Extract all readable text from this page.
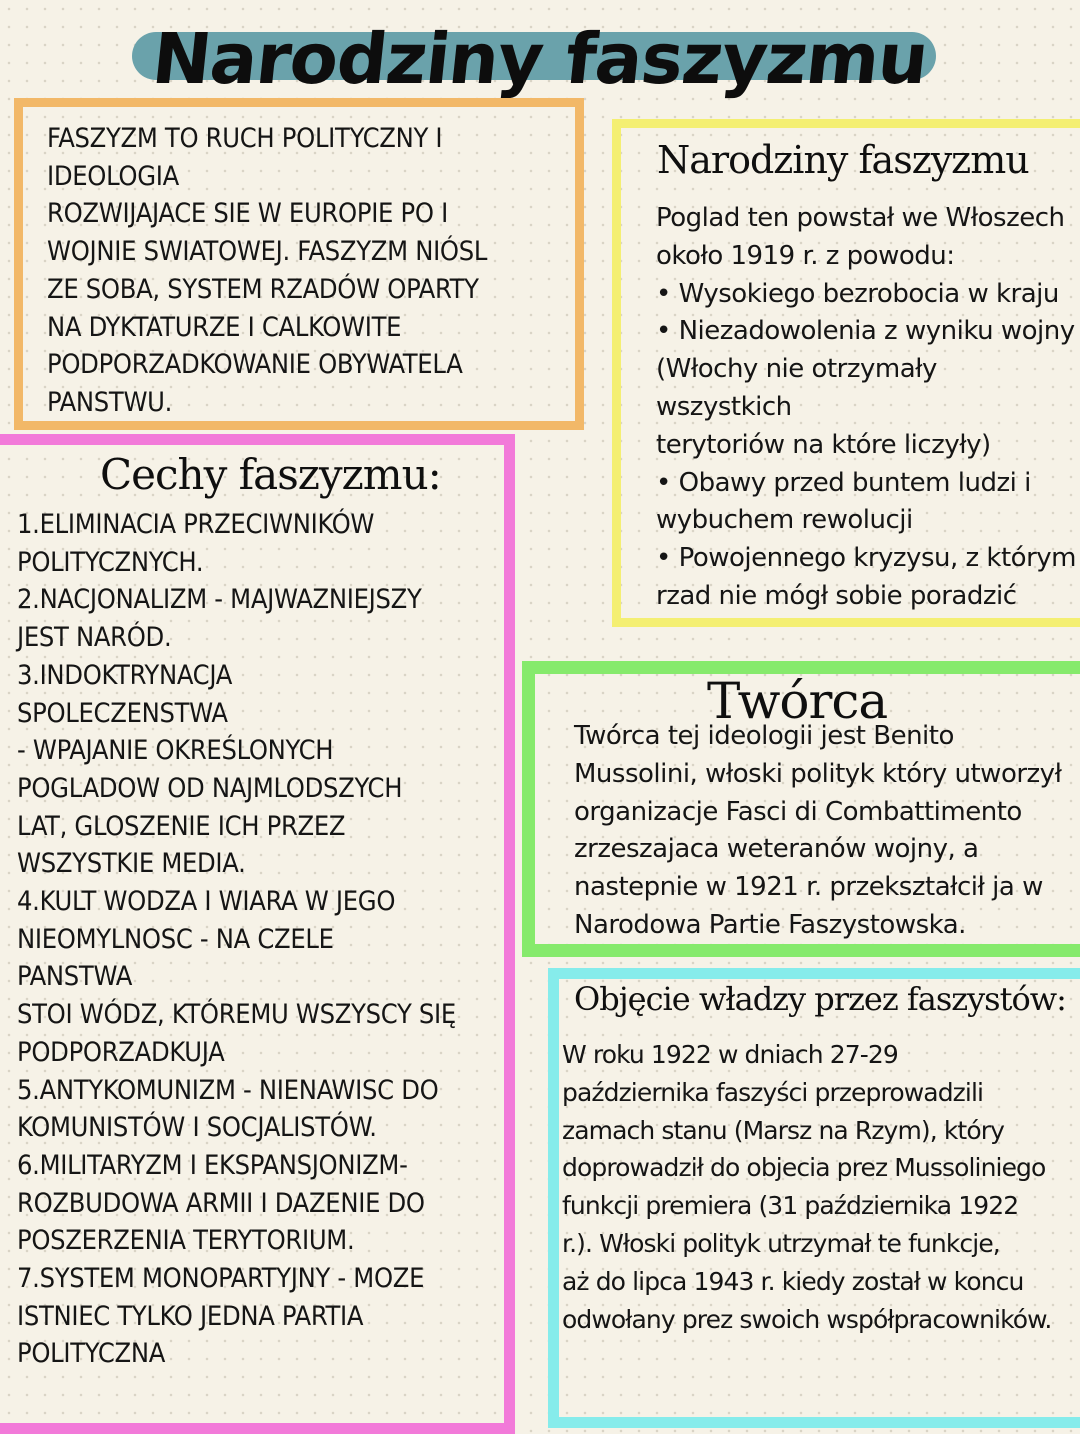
Narodziny faszyzmu
FASZYZM TO RUCH POLITYCZNY I
IDEOLOGIA
ROZWIJAJACE SIE W EUROPIE PO I
WOJNIE SWIATOWEJ. FASZYZM NIÓSL
ZE SOBA, SYSTEM RZADÓW OPARTY
NA DYKTATURZE I CALKOWITE
PODPORZADKOWANIE OBYWATELA
PANSTWU.
Narodziny faszyzmu
Poglad ten powstał we Włoszech
około 1919 r. z powodu:
• Wysokiego bezrobocia w kraju
• Niezadowolenia z wyniku wojny
(Włochy nie otrzymały wszystkich
terytoriów na które liczyły)
• Obawy przed buntem ludzi i
wybuchem rewolucji
• Powojennego kryzysu, z którym
rzad nie mógł sobie poradzić
Cechy faszyzmu:
1.ELIMINACIA PRZECIWNIKÓW
POLITYCZNYCH.
2.NACJONALIZM - MAJWAZNIEJSZY
JEST NARÓD.
3.INDOKTRYNACJA
SPOLECZENSTWA
- WPAJANIE OKREŚLONYCH
POGLADOW OD NAJMLODSZYCH
LAT, GLOSZENIE ICH PRZEZ
WSZYSTKIE MEDIA.
4.KULT WODZA I WIARA W JEGO
NIEOMYLNOSC - NA CZELE
PANSTWA
STOI WÓDZ, KTÓREMU WSZYSCY SIĘ
PODPORZADKUJA
5.ANTYKOMUNIZM - NIENAWISC DO
KOMUNISTÓW I SOCJALISTÓW.
6.MILITARYZM I EKSPANSJONIZM-
ROZBUDOWA ARMII I DAZENIE DO
POSZERZENIA TERYTORIUM.
7.SYSTEM MONOPARTYJNY - MOZE
ISTNIEC TYLKO JEDNA PARTIA
POLITYCZNA
Twórca
Twórca tej ideologii jest Benito
Mussolini, włoski polityk który utworzył
organizacje Fasci di Combattimento
zrzeszajaca weteranów wojny, a
nastepnie w 1921 r. przekształcił ja w
Narodowa Partie Faszystowska.
Objęcie władzy przez faszystów:
W roku 1922 w dniach 27-29
października faszyści przeprowadzili
zamach stanu (Marsz na Rzym), który
doprowadził do objecia prez Mussoliniego
funkcji premiera (31 października 1922
r.). Włoski polityk utrzymał te funkcje,
aż do lipca 1943 r. kiedy został w koncu
odwołany prez swoich współpracowników.
